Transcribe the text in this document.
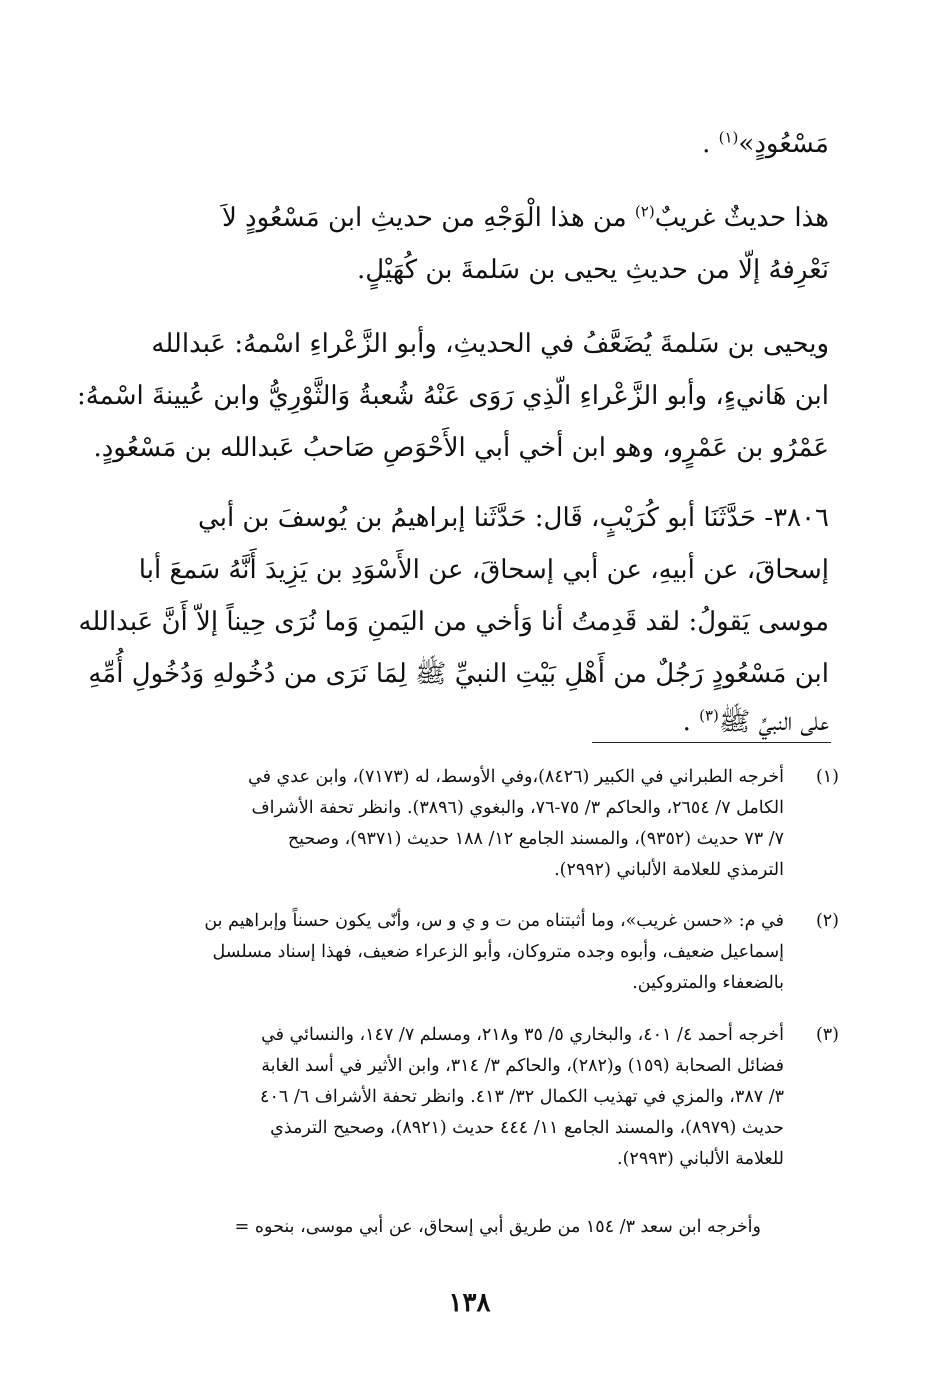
مَسْعُودٍ»$^{(١)}$ .
هذا حديثٌ غريبٌ$^{(٢)}$ من هذا الْوَجْهِ من حديثِ ابن مَسْعُودٍ لاَ
نَعْرِفهُ إلّا من حديثِ يحيى بن سَلمةَ بن كُهَيْلٍ.
ويحيى بن سَلمةَ يُضَعَّفُ في الحديثِ، وأبو الزَّعْراءِ اسْمهُ: عَبدالله
ابن هَانيءٍ، وأبو الزَّعْراءِ الّذِي رَوَى عَنْهُ شُعبةُ وَالثَّوْرِيُّ وابن عُيينةَ اسْمهُ:
عَمْرُو بن عَمْرٍو، وهو ابن أخي أبي الأَحْوَصِ صَاحبُ عَبدالله بن مَسْعُودٍ.
٣٨٠٦- حَدَّثَنَا أبو كُرَيْبٍ، قَال: حَدَّثَنا إبراهيمُ بن يُوسفَ بن أبي
إسحاقَ، عن أبيهِ، عن أبي إسحاقَ، عن الأَسْوَدِ بن يَزِيدَ أَنَّهُ سَمعَ أبا
موسى يَقولُ: لقد قَدِمتُ أنا وَأخي من اليَمنِ وَما نُرَى حِيناً إلاّ أَنَّ عَبدالله
ابن مَسْعُودٍ رَجُلٌ من أَهْلِ بَيْتِ النبيِّ ﷺ لِمَا نَرَى من دُخُولهِ وَدُخُولِ أُمِّهِ
على النبيِّ ﷺ$^{(٣)}$ .
(١)
أخرجه الطبراني في الكبير (٨٤٢٦)،وفي الأوسط، له (٧١٧٣)، وابن عدي في
الكامل ٧/ ٢٦٥٤، والحاكم ٣/ ٧٥-٧٦، والبغوي (٣٨٩٦). وانظر تحفة الأشراف
٧/ ٧٣ حديث (٩٣٥٢)، والمسند الجامع ١٢/ ١٨٨ حديث (٩٣٧١)، وصحيح
الترمذي للعلامة الألباني (٢٩٩٢).
(٢)
في م: «حسن غريب»، وما أثبتناه من ت و ي و س، وأنّى يكون حسناً وإبراهيم بن
إسماعيل ضعيف، وأبوه وجده متروكان، وأبو الزعراء ضعيف، فهذا إسناد مسلسل
بالضعفاء والمتروكين.
(٣)
أخرجه أحمد ٤/ ٤٠١، والبخاري ٥/ ٣٥ و٢١٨، ومسلم ٧/ ١٤٧، والنسائي في
فضائل الصحابة (١٥٩) و(٢٨٢)، والحاكم ٣/ ٣١٤، وابن الأثير في أسد الغابة
٣/ ٣٨٧، والمزي في تهذيب الكمال ٣٢/ ٤١٣. وانظر تحفة الأشراف ٦/ ٤٠٦
حديث (٨٩٧٩)، والمسند الجامع ١١/ ٤٤٤ حديث (٨٩٢١)، وصحيح الترمذي
للعلامة الألباني (٢٩٩٣).
وأخرجه ابن سعد ٣/ ١٥٤ من طريق أبي إسحاق، عن أبي موسى، بنحوه =
١٣٨
